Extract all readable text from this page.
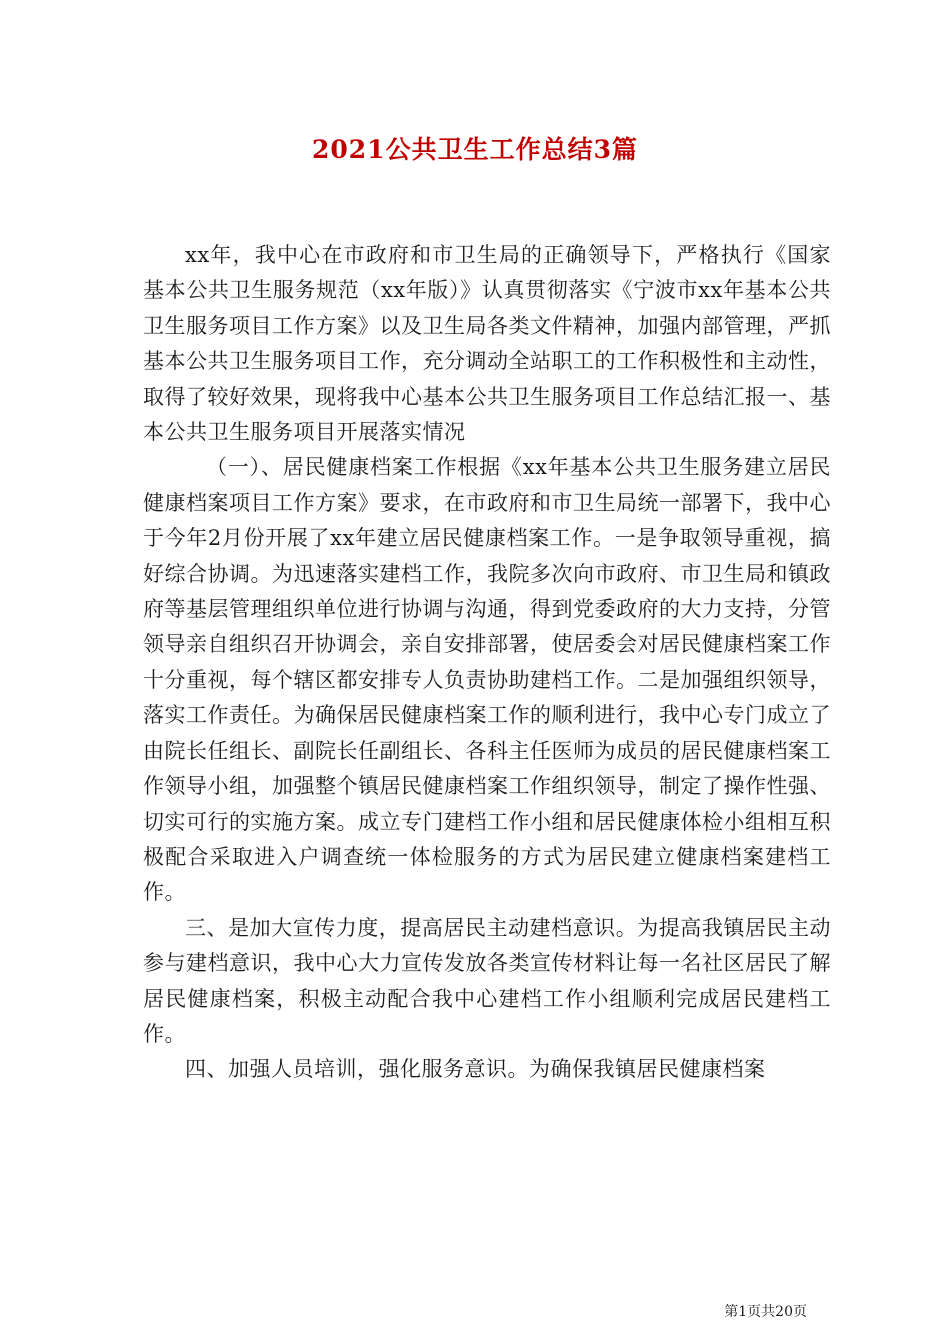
2021公共卫生工作总结3篇

xx年，我中心在市政府和市卫生局的正确领导下，严格执行《国家基本公共卫生服务规范（xx年版）》认真贯彻落实《宁波市xx年基本公共卫生服务项目工作方案》以及卫生局各类文件精神，加强内部管理，严抓基本公共卫生服务项目工作，充分调动全站职工的工作积极性和主动性，取得了较好效果，现将我中心基本公共卫生服务项目工作总结汇报一、基本公共卫生服务项目开展落实情况

（一）、居民健康档案工作根据《xx年基本公共卫生服务建立居民健康档案项目工作方案》要求，在市政府和市卫生局统一部署下，我中心于今年2月份开展了xx年建立居民健康档案工作。一是争取领导重视，搞好综合协调。为迅速落实建档工作，我院多次向市政府、市卫生局和镇政府等基层管理组织单位进行协调与沟通，得到党委政府的大力支持，分管领导亲自组织召开协调会，亲自安排部署，使居委会对居民健康档案工作十分重视，每个辖区都安排专人负责协助建档工作。二是加强组织领导，落实工作责任。为确保居民健康档案工作的顺利进行，我中心专门成立了由院长任组长、副院长任副组长、各科主任医师为成员的居民健康档案工作领导小组，加强整个镇居民健康档案工作组织领导，制定了操作性强、切实可行的实施方案。成立专门建档工作小组和居民健康体检小组相互积极配合采取进入户调查统一体检服务的方式为居民建立健康档案建档工作。

三、是加大宣传力度，提高居民主动建档意识。为提高我镇居民主动参与建档意识，我中心大力宣传发放各类宣传材料让每一名社区居民了解居民健康档案，积极主动配合我中心建档工作小组顺利完成居民建档工作。

四、加强人员培训，强化服务意识。为确保我镇居民健康档案

第1页共20页
